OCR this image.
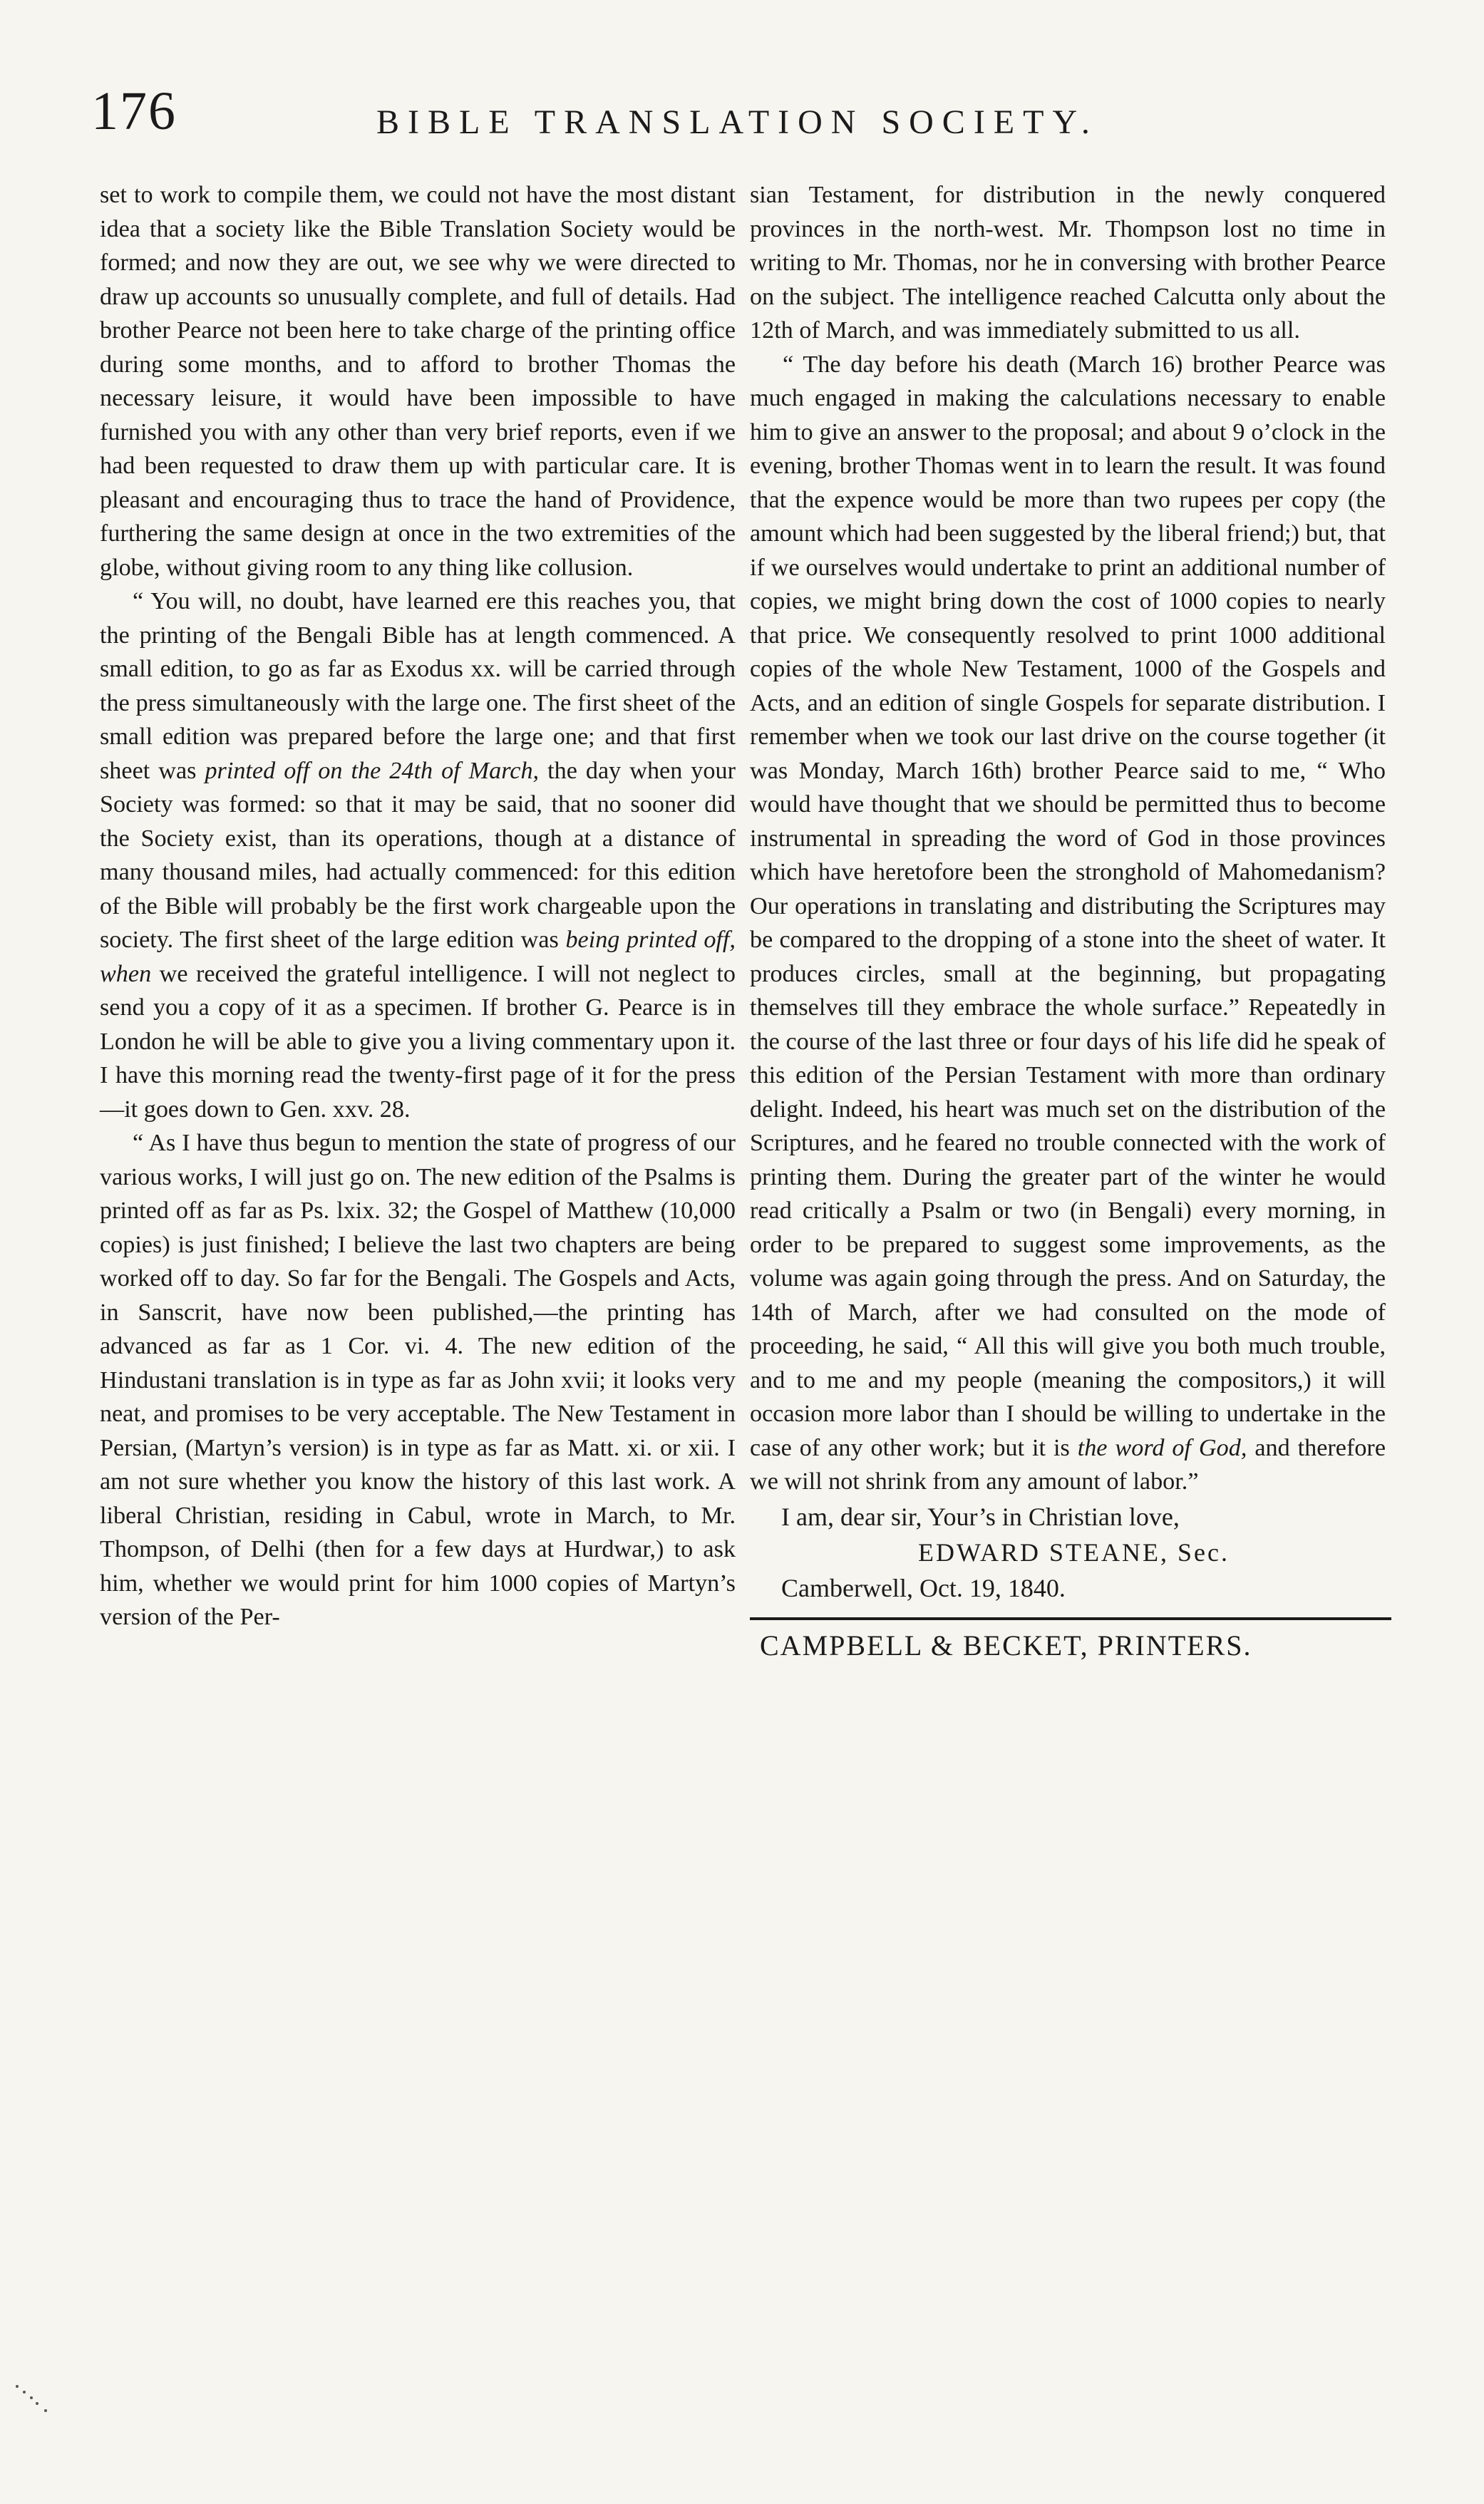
176	BIBLE TRANSLATION SOCIETY.

set to work to compile them, we could not have the most distant idea that a society like the Bible Translation Society would be formed; and now they are out, we see why we were directed to draw up accounts so unusually complete, and full of details. Had brother Pearce not been here to take charge of the printing office during some months, and to afford to brother Thomas the necessary leisure, it would have been impossible to have furnished you with any other than very brief reports, even if we had been requested to draw them up with particular care. It is pleasant and encouraging thus to trace the hand of Providence, furthering the same design at once in the two extremities of the globe, without giving room to any thing like collusion.

“ You will, no doubt, have learned ere this reaches you, that the printing of the Bengali Bible has at length commenced. A small edition, to go as far as Exodus xx. will be carried through the press simultaneously with the large one. The first sheet of the small edition was prepared before the large one; and that first sheet was printed off on the 24th of March, the day when your Society was formed: so that it may be said, that no sooner did the Society exist, than its operations, though at a distance of many thousand miles, had actually commenced: for this edition of the Bible will probably be the first work chargeable upon the society. The first sheet of the large edition was being printed off, when we received the grateful intelligence. I will not neglect to send you a copy of it as a specimen. If brother G. Pearce is in London he will be able to give you a living commentary upon it. I have this morning read the twenty-first page of it for the press—it goes down to Gen. xxv. 28.

“ As I have thus begun to mention the state of progress of our various works, I will just go on. The new edition of the Psalms is printed off as far as Ps. lxix. 32; the Gospel of Matthew (10,000 copies) is just finished; I believe the last two chapters are being worked off to day. So far for the Bengali. The Gospels and Acts, in Sanscrit, have now been published,—the printing has advanced as far as 1 Cor. vi. 4. The new edition of the Hindustani translation is in type as far as John xvii; it looks very neat, and promises to be very acceptable. The New Testament in Persian, (Martyn’s version) is in type as far as Matt. xi. or xii. I am not sure whether you know the history of this last work. A liberal Christian, residing in Cabul, wrote in March, to Mr. Thompson, of Delhi (then for a few days at Hurdwar,) to ask him, whether we would print for him 1000 copies of Martyn’s version of the Per-

sian Testament, for distribution in the newly conquered provinces in the north-west. Mr. Thompson lost no time in writing to Mr. Thomas, nor he in conversing with brother Pearce on the subject. The intelligence reached Calcutta only about the 12th of March, and was immediately submitted to us all.

“ The day before his death (March 16) brother Pearce was much engaged in making the calculations necessary to enable him to give an answer to the proposal; and about 9 o’clock in the evening, brother Thomas went in to learn the result. It was found that the expence would be more than two rupees per copy (the amount which had been suggested by the liberal friend;) but, that if we ourselves would undertake to print an additional number of copies, we might bring down the cost of 1000 copies to nearly that price. We consequently resolved to print 1000 additional copies of the whole New Testament, 1000 of the Gospels and Acts, and an edition of single Gospels for separate distribution. I remember when we took our last drive on the course together (it was Monday, March 16th) brother Pearce said to me, “ Who would have thought that we should be permitted thus to become instrumental in spreading the word of God in those provinces which have heretofore been the stronghold of Mahomedanism? Our operations in translating and distributing the Scriptures may be compared to the dropping of a stone into the sheet of water. It produces circles, small at the beginning, but propagating themselves till they embrace the whole surface.” Repeatedly in the course of the last three or four days of his life did he speak of this edition of the Persian Testament with more than ordinary delight. Indeed, his heart was much set on the distribution of the Scriptures, and he feared no trouble connected with the work of printing them. During the greater part of the winter he would read critically a Psalm or two (in Bengali) every morning, in order to be prepared to suggest some improvements, as the volume was again going through the press. And on Saturday, the 14th of March, after we had consulted on the mode of proceeding, he said, “ All this will give you both much trouble, and to me and my people (meaning the compositors,) it will occasion more labor than I should be willing to undertake in the case of any other work; but it is the word of God, and therefore we will not shrink from any amount of labor.”

I am, dear sir, Your’s in Christian love,
EDWARD STEANE, Sec.
Camberwell, Oct. 19, 1840.
CAMPBELL & BECKET, PRINTERS.
